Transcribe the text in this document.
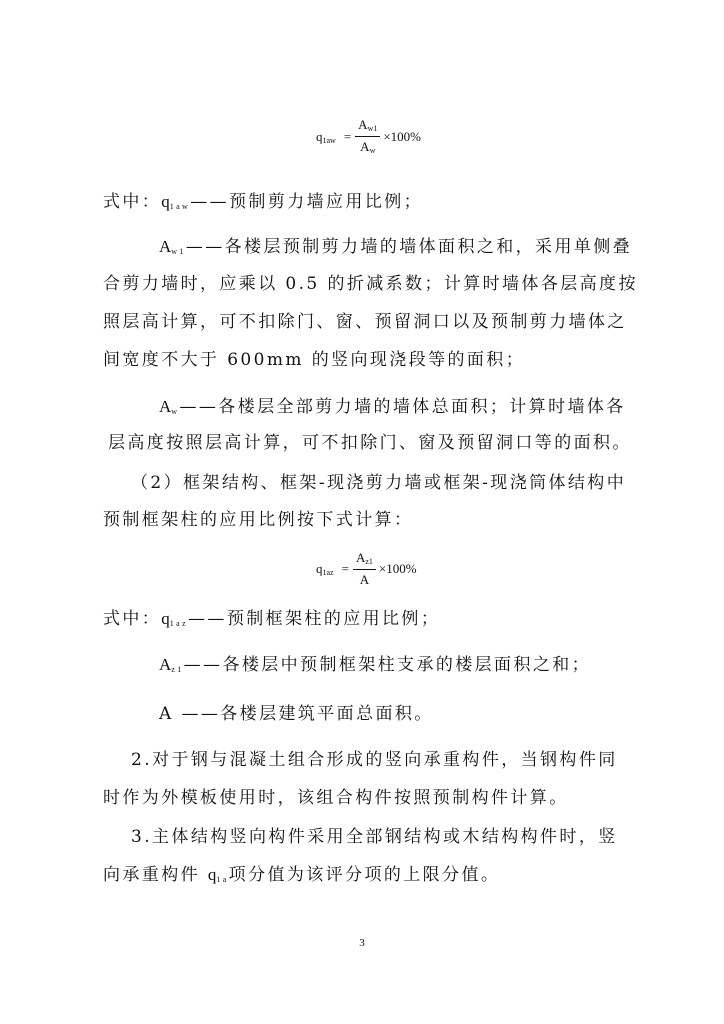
$q_{1aw} = \frac{A_{w1}}{A_w} \times 100\%$
式中：$q_{1aw}——$预制剪力墙应用比例；
$A_{w1}——$各楼层预制剪力墙的墙体面积之和，采用单侧叠
合剪力墙时，应乘以 0.5 的折减系数；计算时墙体各层高度按
照层高计算，可不扣除门、窗、预留洞口以及预制剪力墙体之
间宽度不大于 600mm 的竖向现浇段等的面积；
$A_w——$各楼层全部剪力墙的墙体总面积；计算时墙体各
层高度按照层高计算，可不扣除门、窗及预留洞口等的面积。
（2）框架结构、框架-现浇剪力墙或框架-现浇筒体结构中
预制框架柱的应用比例按下式计算：
$q_{1az} = \frac{A_{z1}}{A} \times 100\%$
式中：$q_{1az}——$预制框架柱的应用比例；
$A_{z1}——$各楼层中预制框架柱支承的楼层面积之和；
A ——各楼层建筑平面总面积。
2.对于钢与混凝土组合形成的竖向承重构件，当钢构件同
时作为外模板使用时，该组合构件按照预制构件计算。
3.主体结构竖向构件采用全部钢结构或木结构构件时，竖
向承重构件 $q_{1a}$项分值为该评分项的上限分值。
3
